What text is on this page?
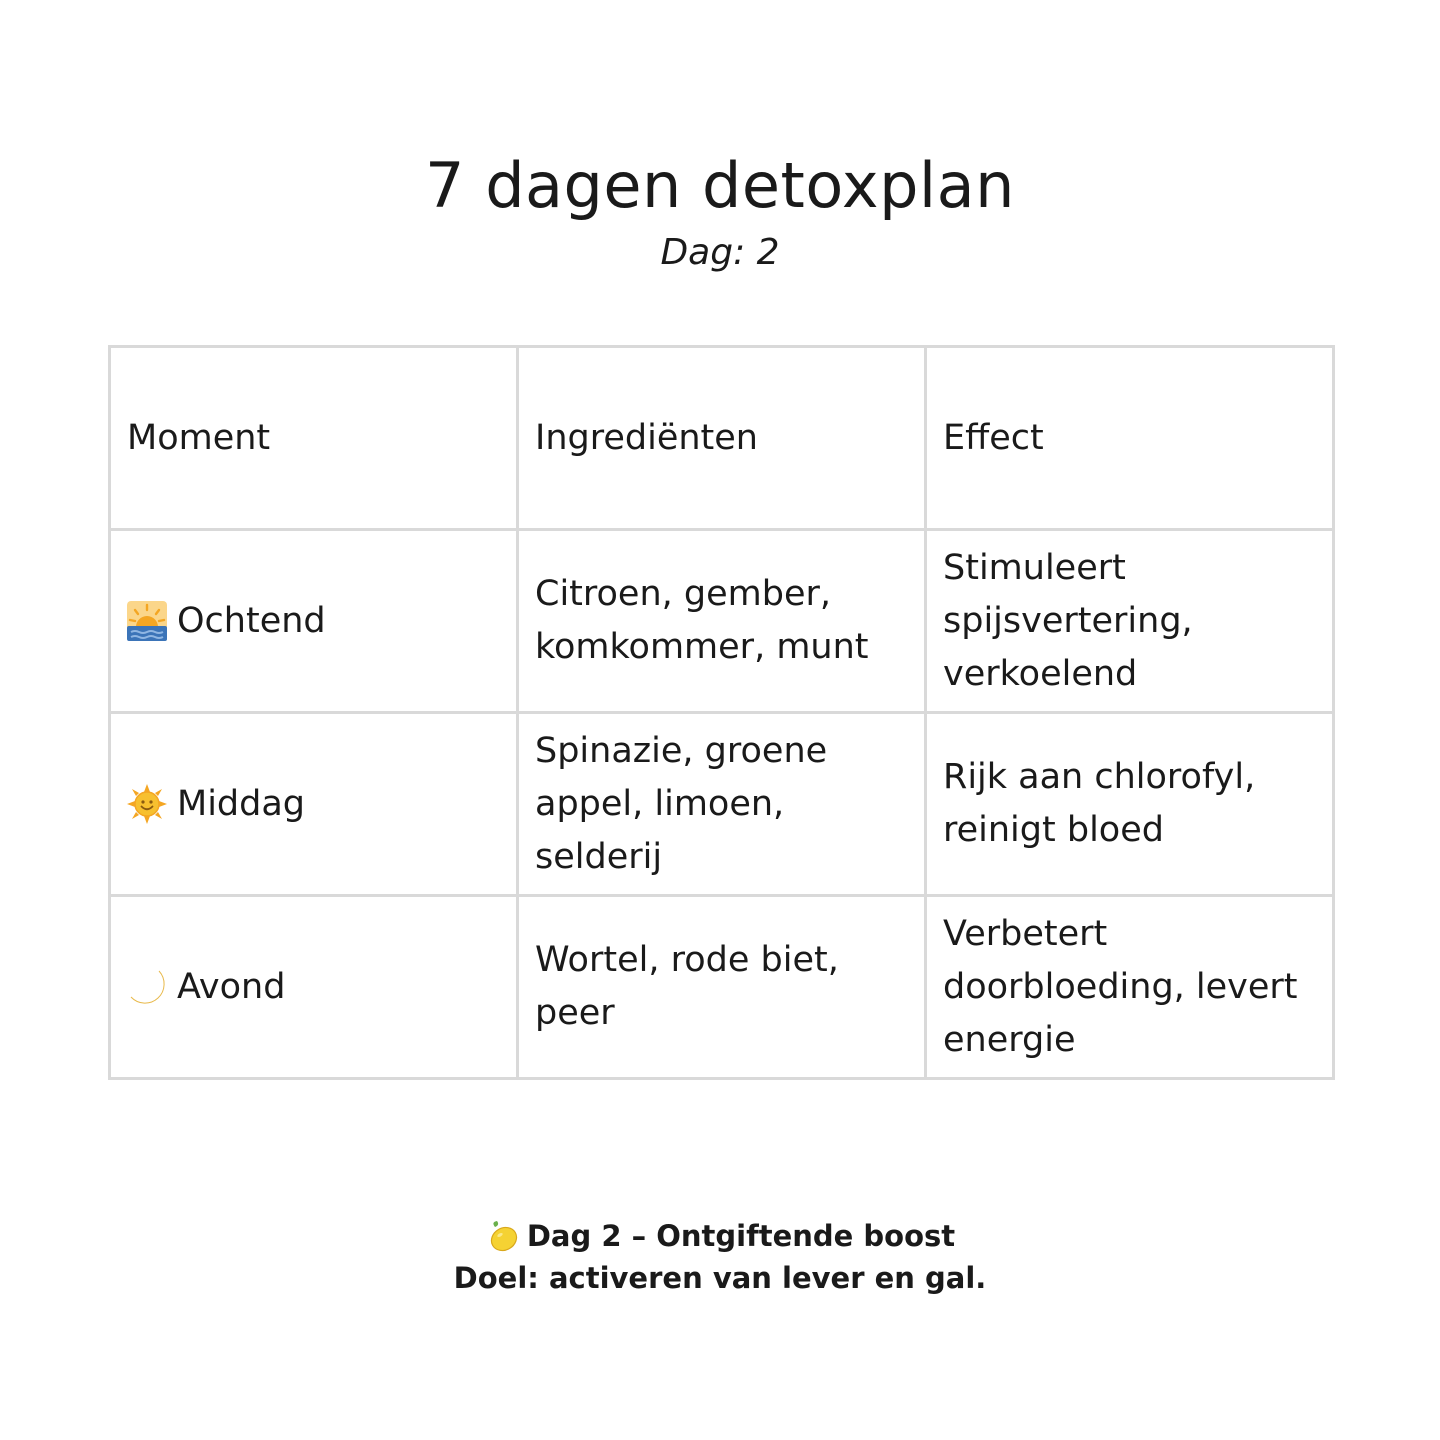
7 dagen detoxplan
Dag: 2
Moment	Ingrediënten	Effect

Ochtend	Citroen, gember, komkommer, munt	Stimuleert spijsvertering, verkoelend

Middag	Spinazie, groene appel, limoen, selderij	Rijk aan chlorofyl, reinigt bloed

Avond	Wortel, rode biet, peer	Verbetert doorbloeding, levert energie
Dag 2 – Ontgiftende boost
Doel: activeren van lever en gal.
